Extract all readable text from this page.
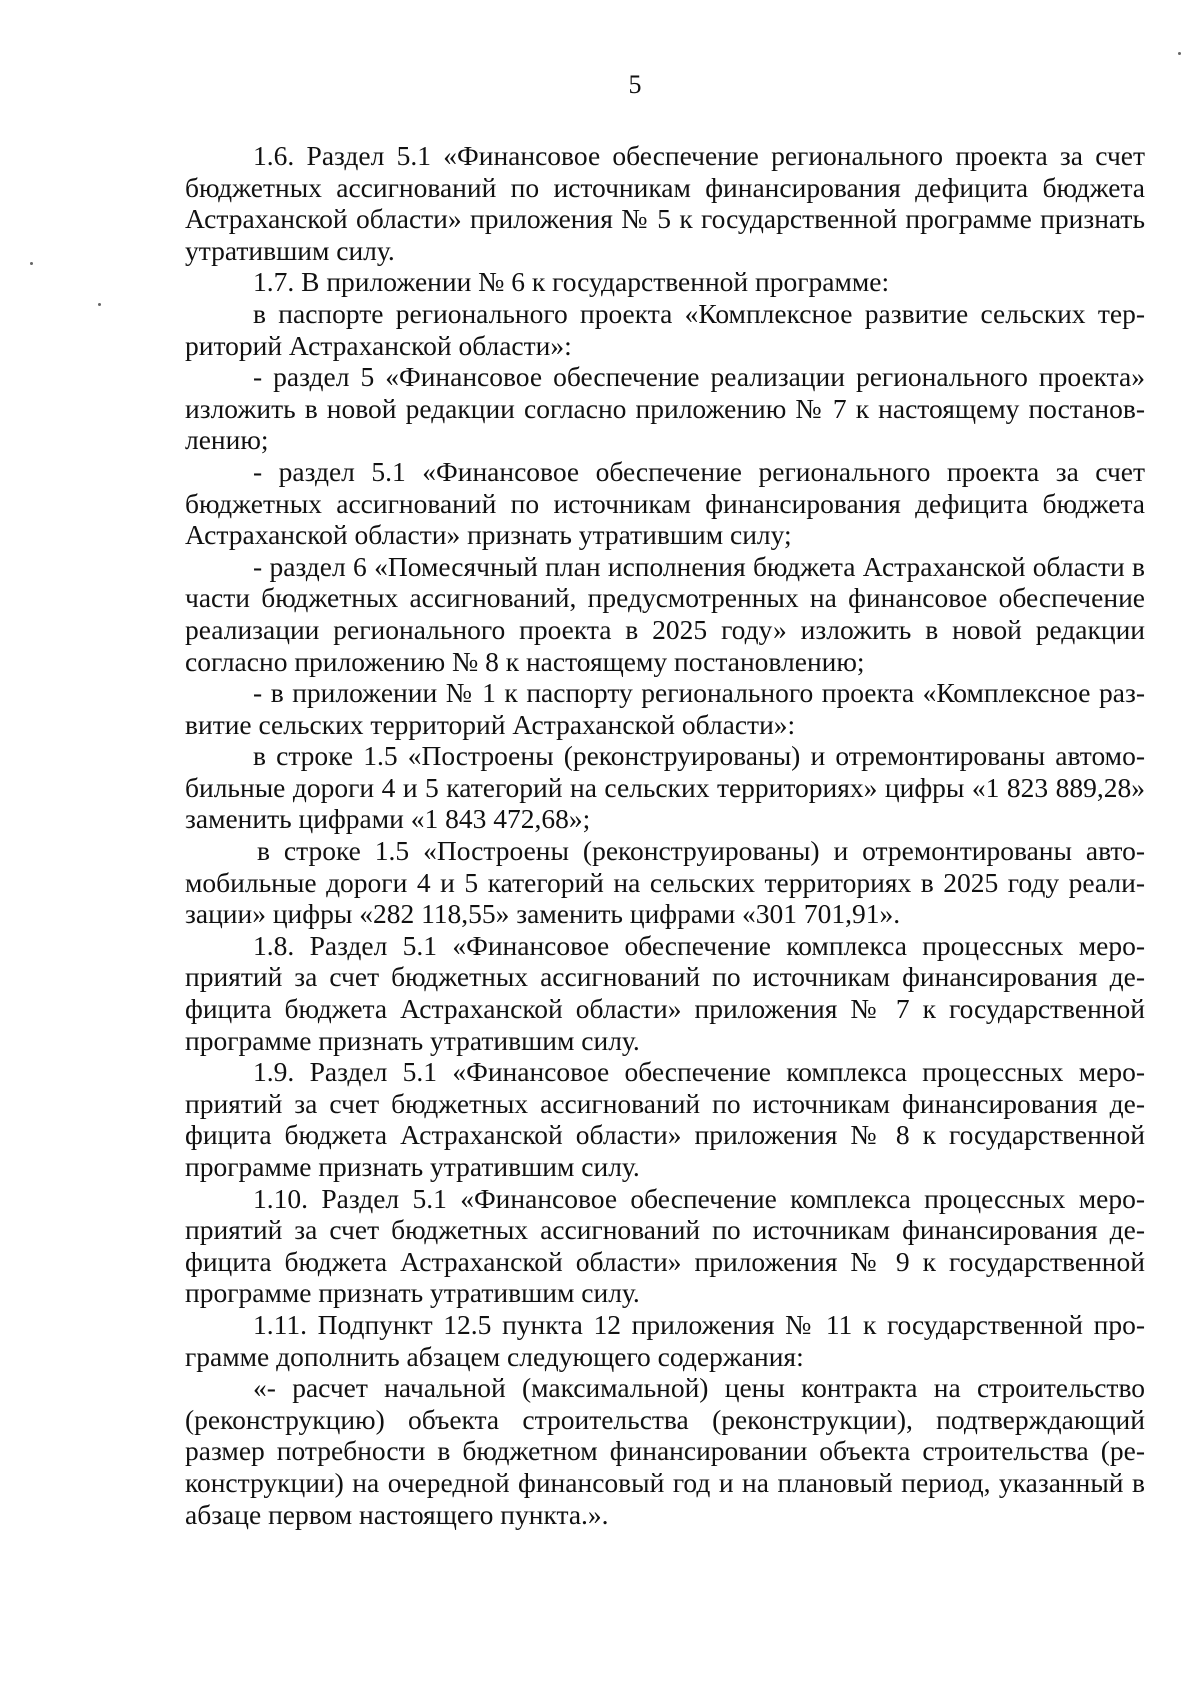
5

1.6. Раздел 5.1 «Финансовое обеспечение регионального проекта за счет бюджетных ассигнований по источникам финансирования дефицита бюджета Астраханской области» приложения № 5 к государственной программе признать утратившим силу.

1.7. В приложении № 6 к государственной программе:

в паспорте регионального проекта «Комплексное развитие сельских территорий Астраханской области»:

- раздел 5 «Финансовое обеспечение реализации регионального проекта» изложить в новой редакции согласно приложению № 7 к настоящему постановлению;

- раздел 5.1 «Финансовое обеспечение регионального проекта за счет бюджетных ассигнований по источникам финансирования дефицита бюджета Астраханской области» признать утратившим силу;

- раздел 6 «Помесячный план исполнения бюджета Астраханской области в части бюджетных ассигнований, предусмотренных на финансовое обеспечение реализации регионального проекта в 2025 году» изложить в новой редакции согласно приложению № 8 к настоящему постановлению;

- в приложении № 1 к паспорту регионального проекта «Комплексное развитие сельских территорий Астраханской области»:

в строке 1.5 «Построены (реконструированы) и отремонтированы автомобильные дороги 4 и 5 категорий на сельских территориях» цифры «1 823 889,28» заменить цифрами «1 843 472,68»;

в строке 1.5 «Построены (реконструированы) и отремонтированы автомобильные дороги 4 и 5 категорий на сельских территориях в 2025 году реализации» цифры «282 118,55» заменить цифрами «301 701,91».

1.8. Раздел 5.1 «Финансовое обеспечение комплекса процессных мероприятий за счет бюджетных ассигнований по источникам финансирования дефицита бюджета Астраханской области» приложения № 7 к государственной программе признать утратившим силу.

1.9. Раздел 5.1 «Финансовое обеспечение комплекса процессных мероприятий за счет бюджетных ассигнований по источникам финансирования дефицита бюджета Астраханской области» приложения № 8 к государственной программе признать утратившим силу.

1.10. Раздел 5.1 «Финансовое обеспечение комплекса процессных мероприятий за счет бюджетных ассигнований по источникам финансирования дефицита бюджета Астраханской области» приложения № 9 к государственной программе признать утратившим силу.

1.11. Подпункт 12.5 пункта 12 приложения № 11 к государственной программе дополнить абзацем следующего содержания:

«- расчет начальной (максимальной) цены контракта на строительство (реконструкцию) объекта строительства (реконструкции), подтверждающий размер потребности в бюджетном финансировании объекта строительства (реконструкции) на очередной финансовый год и на плановый период, указанный в абзаце первом настоящего пункта.».
